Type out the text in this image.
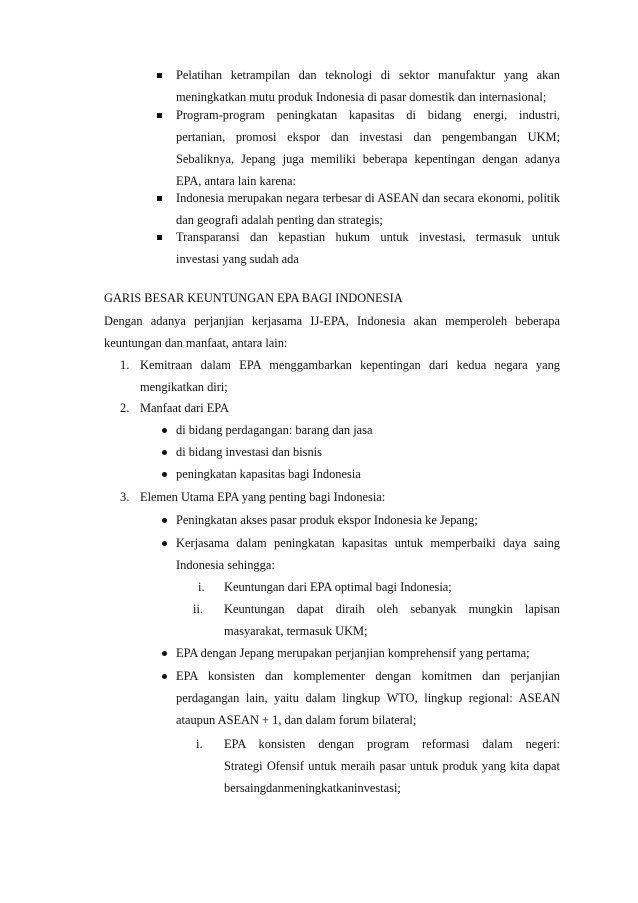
Pelatihan ketrampilan dan teknologi di sektor manufaktur yang akan
meningkatkan mutu produk Indonesia di pasar domestik dan internasional;
Program-program peningkatan kapasitas di bidang energi, industri,
pertanian, promosi ekspor dan investasi dan pengembangan UKM;
Sebaliknya, Jepang juga memiliki beberapa kepentingan dengan adanya
EPA, antara lain karena:
Indonesia merupakan negara terbesar di ASEAN dan secara ekonomi, politik
dan geografi adalah penting dan strategis;
Transparansi dan kepastian hukum untuk investasi, termasuk untuk
investasi yang sudah ada
GARIS BESAR KEUNTUNGAN EPA BAGI INDONESIA
Dengan adanya perjanjian kerjasama IJ-EPA, Indonesia akan memperoleh beberapa
keuntungan dan manfaat, antara lain:
1. Kemitraan dalam EPA menggambarkan kepentingan dari kedua negara yang
mengikatkan diri;
2. Manfaat dari EPA
di bidang perdagangan: barang dan jasa
di bidang investasi dan bisnis
peningkatan kapasitas bagi Indonesia
3. Elemen Utama EPA yang penting bagi Indonesia:
Peningkatan akses pasar produk ekspor Indonesia ke Jepang;
Kerjasama dalam peningkatan kapasitas untuk memperbaiki daya saing
Indonesia sehingga:
i. Keuntungan dari EPA optimal bagi Indonesia;
ii. Keuntungan dapat diraih oleh sebanyak mungkin lapisan
masyarakat, termasuk UKM;
EPA dengan Jepang merupakan perjanjian komprehensif yang pertama;
EPA konsisten dan komplementer dengan komitmen dan perjanjian
perdagangan lain, yaitu dalam lingkup WTO, lingkup regional: ASEAN
ataupun ASEAN + 1, dan dalam forum bilateral;
i. EPA konsisten dengan program reformasi dalam negeri:
Strategi Ofensif untuk meraih pasar untuk produk yang kita dapat
bersaingdanmeningkatkaninvestasi;
